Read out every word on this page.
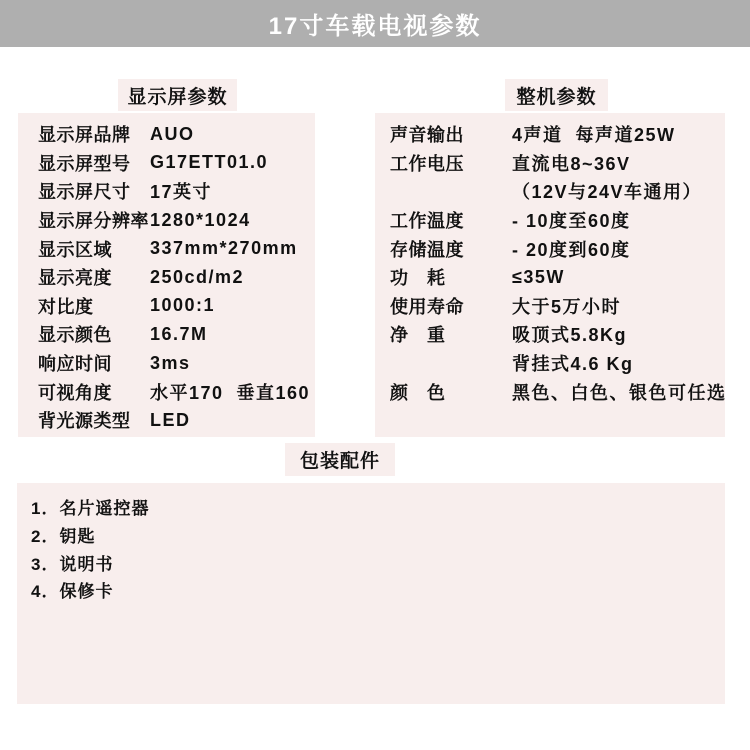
17寸车载电视参数
显示屏参数	整机参数
显示屏品牌	AUO
显示屏型号	G17ETT01.0
显示屏尺寸	17英寸
显示屏分辨率 1280*1024
显示区域	337mm*270mm
显示亮度	250cd/m2
对比度	1000:1
显示颜色	16.7M
响应时间	3ms
可视角度	水平170  垂直160
背光源类型	LED
声音输出	4声道  每声道25W
工作电压	直流电8~36V
（12V与24V车通用）
工作温度	- 10度至60度
存储温度	- 20度到60度
功　耗	≤35W
使用寿命	大于5万小时
净　重	吸顶式5.8Kg
背挂式4.6 Kg
颜　色	黑色、白色、银色可任选
包装配件
1．名片遥控器
2．钥匙
3．说明书
4．保修卡
